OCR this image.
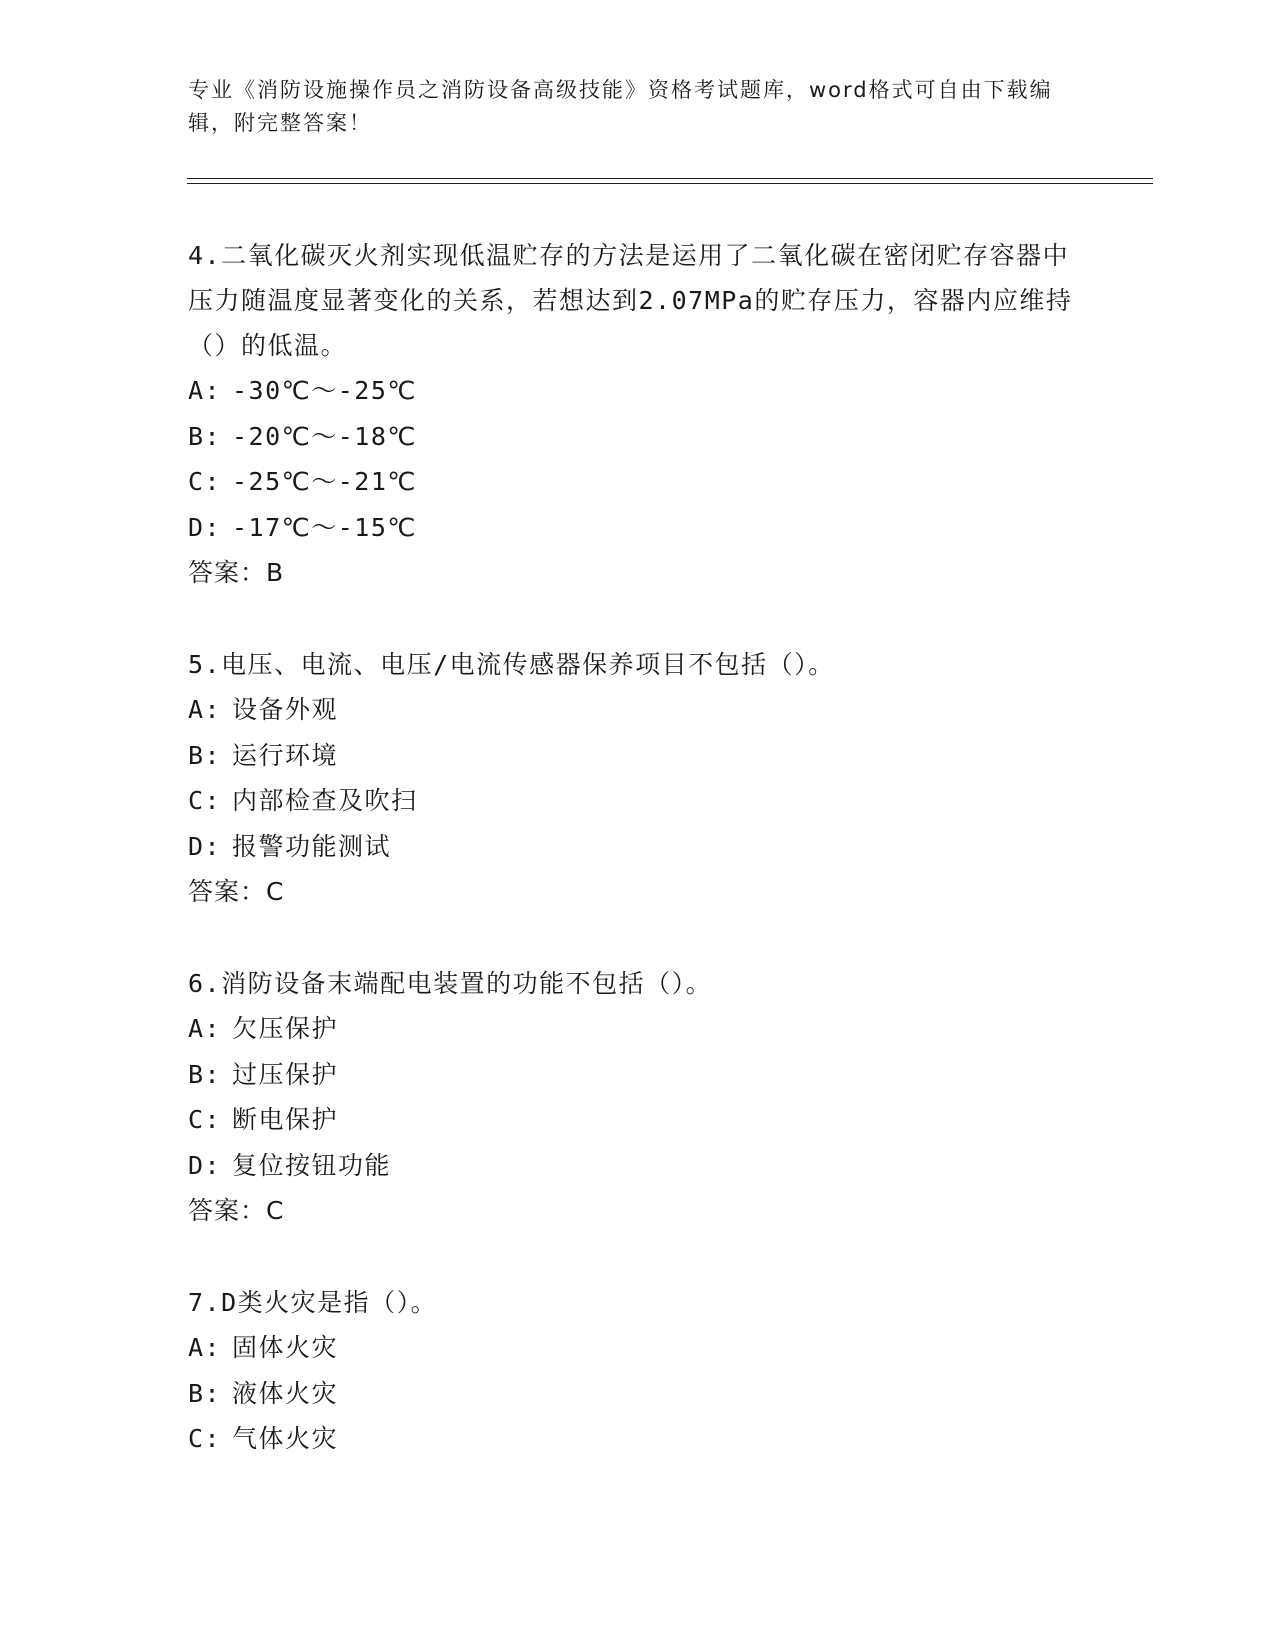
专业《消防设施操作员之消防设备高级技能》资格考试题库，word格式可自由下载编辑，附完整答案！

4.二氧化碳灭火剂实现低温贮存的方法是运用了二氧化碳在密闭贮存容器中压力随温度显著变化的关系，若想达到2.07MPa的贮存压力，容器内应维持（）的低温。

A: -30℃～-25℃
B: -20℃～-18℃
C: -25℃～-21℃
D: -17℃～-15℃
答案：B

5.电压、电流、电压/电流传感器保养项目不包括（）。

A: 设备外观
B: 运行环境
C: 内部检查及吹扫
D: 报警功能测试
答案：C

6.消防设备末端配电装置的功能不包括（）。

A: 欠压保护
B: 过压保护
C: 断电保护
D: 复位按钮功能
答案：C

7.D类火灾是指（）。

A: 固体火灾
B: 液体火灾
C: 气体火灾
